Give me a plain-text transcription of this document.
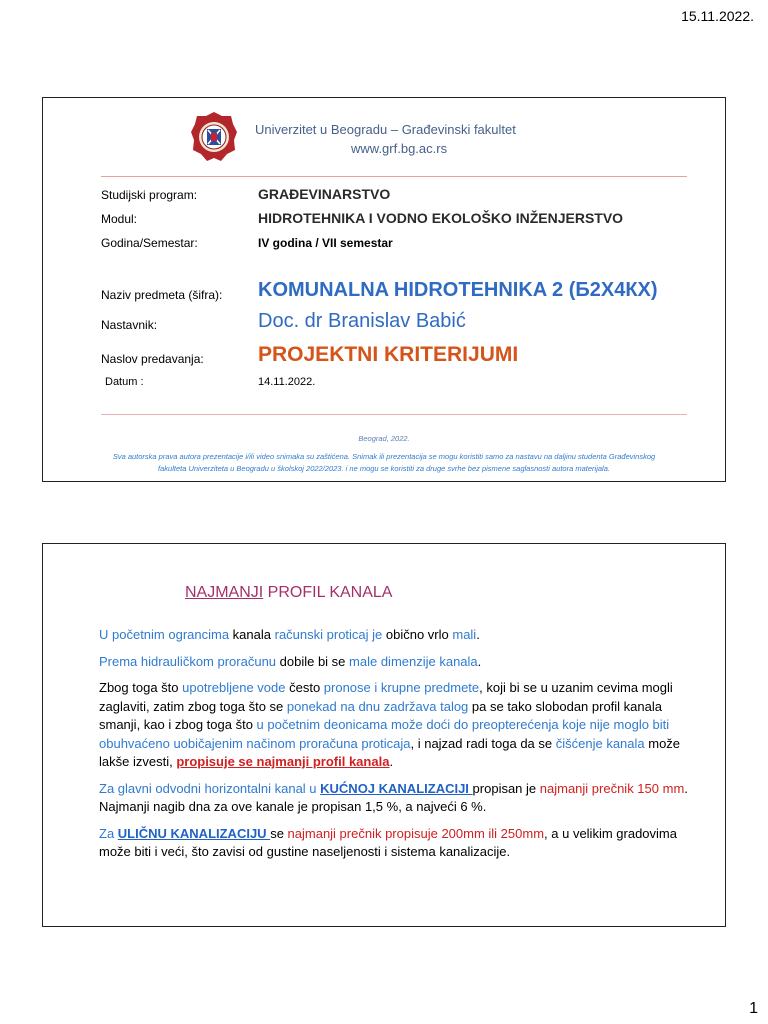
15.11.2022.
Univerzitet u Beogradu – Građevinski fakultet
www.grf.bg.ac.rs
Studijski program:	GRAĐEVINARSTVO
Modul:	HIDROTEHNIKA I VODNO EKOLOŠKO INŽENJERSTVO
Godina/Semestar:	IV godina / VII semestar
Naziv predmeta (šifra): KOMUNALNA HIDROTEHNIKA 2 (Б2Х4КХ)
Nastavnik:	Doc. dr Branislav Babić
Naslov predavanja:	PROJEKTNI KRITERIJUMI
Datum :	14.11.2022.
Beograd, 2022.
Sva autorska prava autora prezentacije i/ili video snimaka su zaštićena. Snimak ili prezentacija se mogu koristiti samo za nastavu na daljinu studenta Građevinskog
fakulteta Univerziteta u Beogradu u školskoj 2022/2023. i ne mogu se koristiti za druge svrhe bez pismene saglasnosti autora materijala.
NAJMANJI PROFIL KANALA

U početnim ograncima kanala računski proticaj je obično vrlo mali.

Prema hidrauličkom proračunu dobile bi se male dimenzije kanala.

Zbog toga što upotrebljene vode često pronose i krupne predmete, koji bi se u uzanim cevima mogli zaglaviti, zatim zbog toga što se ponekad na dnu zadržava talog pa se tako slobodan profil kanala smanji, kao i zbog toga što u početnim deonicama može doći do preopterećenja koje nije moglo biti obuhvaćeno uobičajenim načinom proračuna proticaja, i najzad radi toga da se čišćenje kanala može lakše izvesti, propisuje se najmanji profil kanala.

Za glavni odvodni horizontalni kanal u KUĆNOJ KANALIZACIJI propisan je najmanji prečnik 150 mm. Najmanji nagib dna za ove kanale je propisan 1,5 %, a najveći 6 %.

Za ULIČNU KANALIZACIJU se najmanji prečnik propisuje 200mm ili 250mm, a u velikim gradovima može biti i veći, što zavisi od gustine naseljenosti i sistema kanalizacije.

1
